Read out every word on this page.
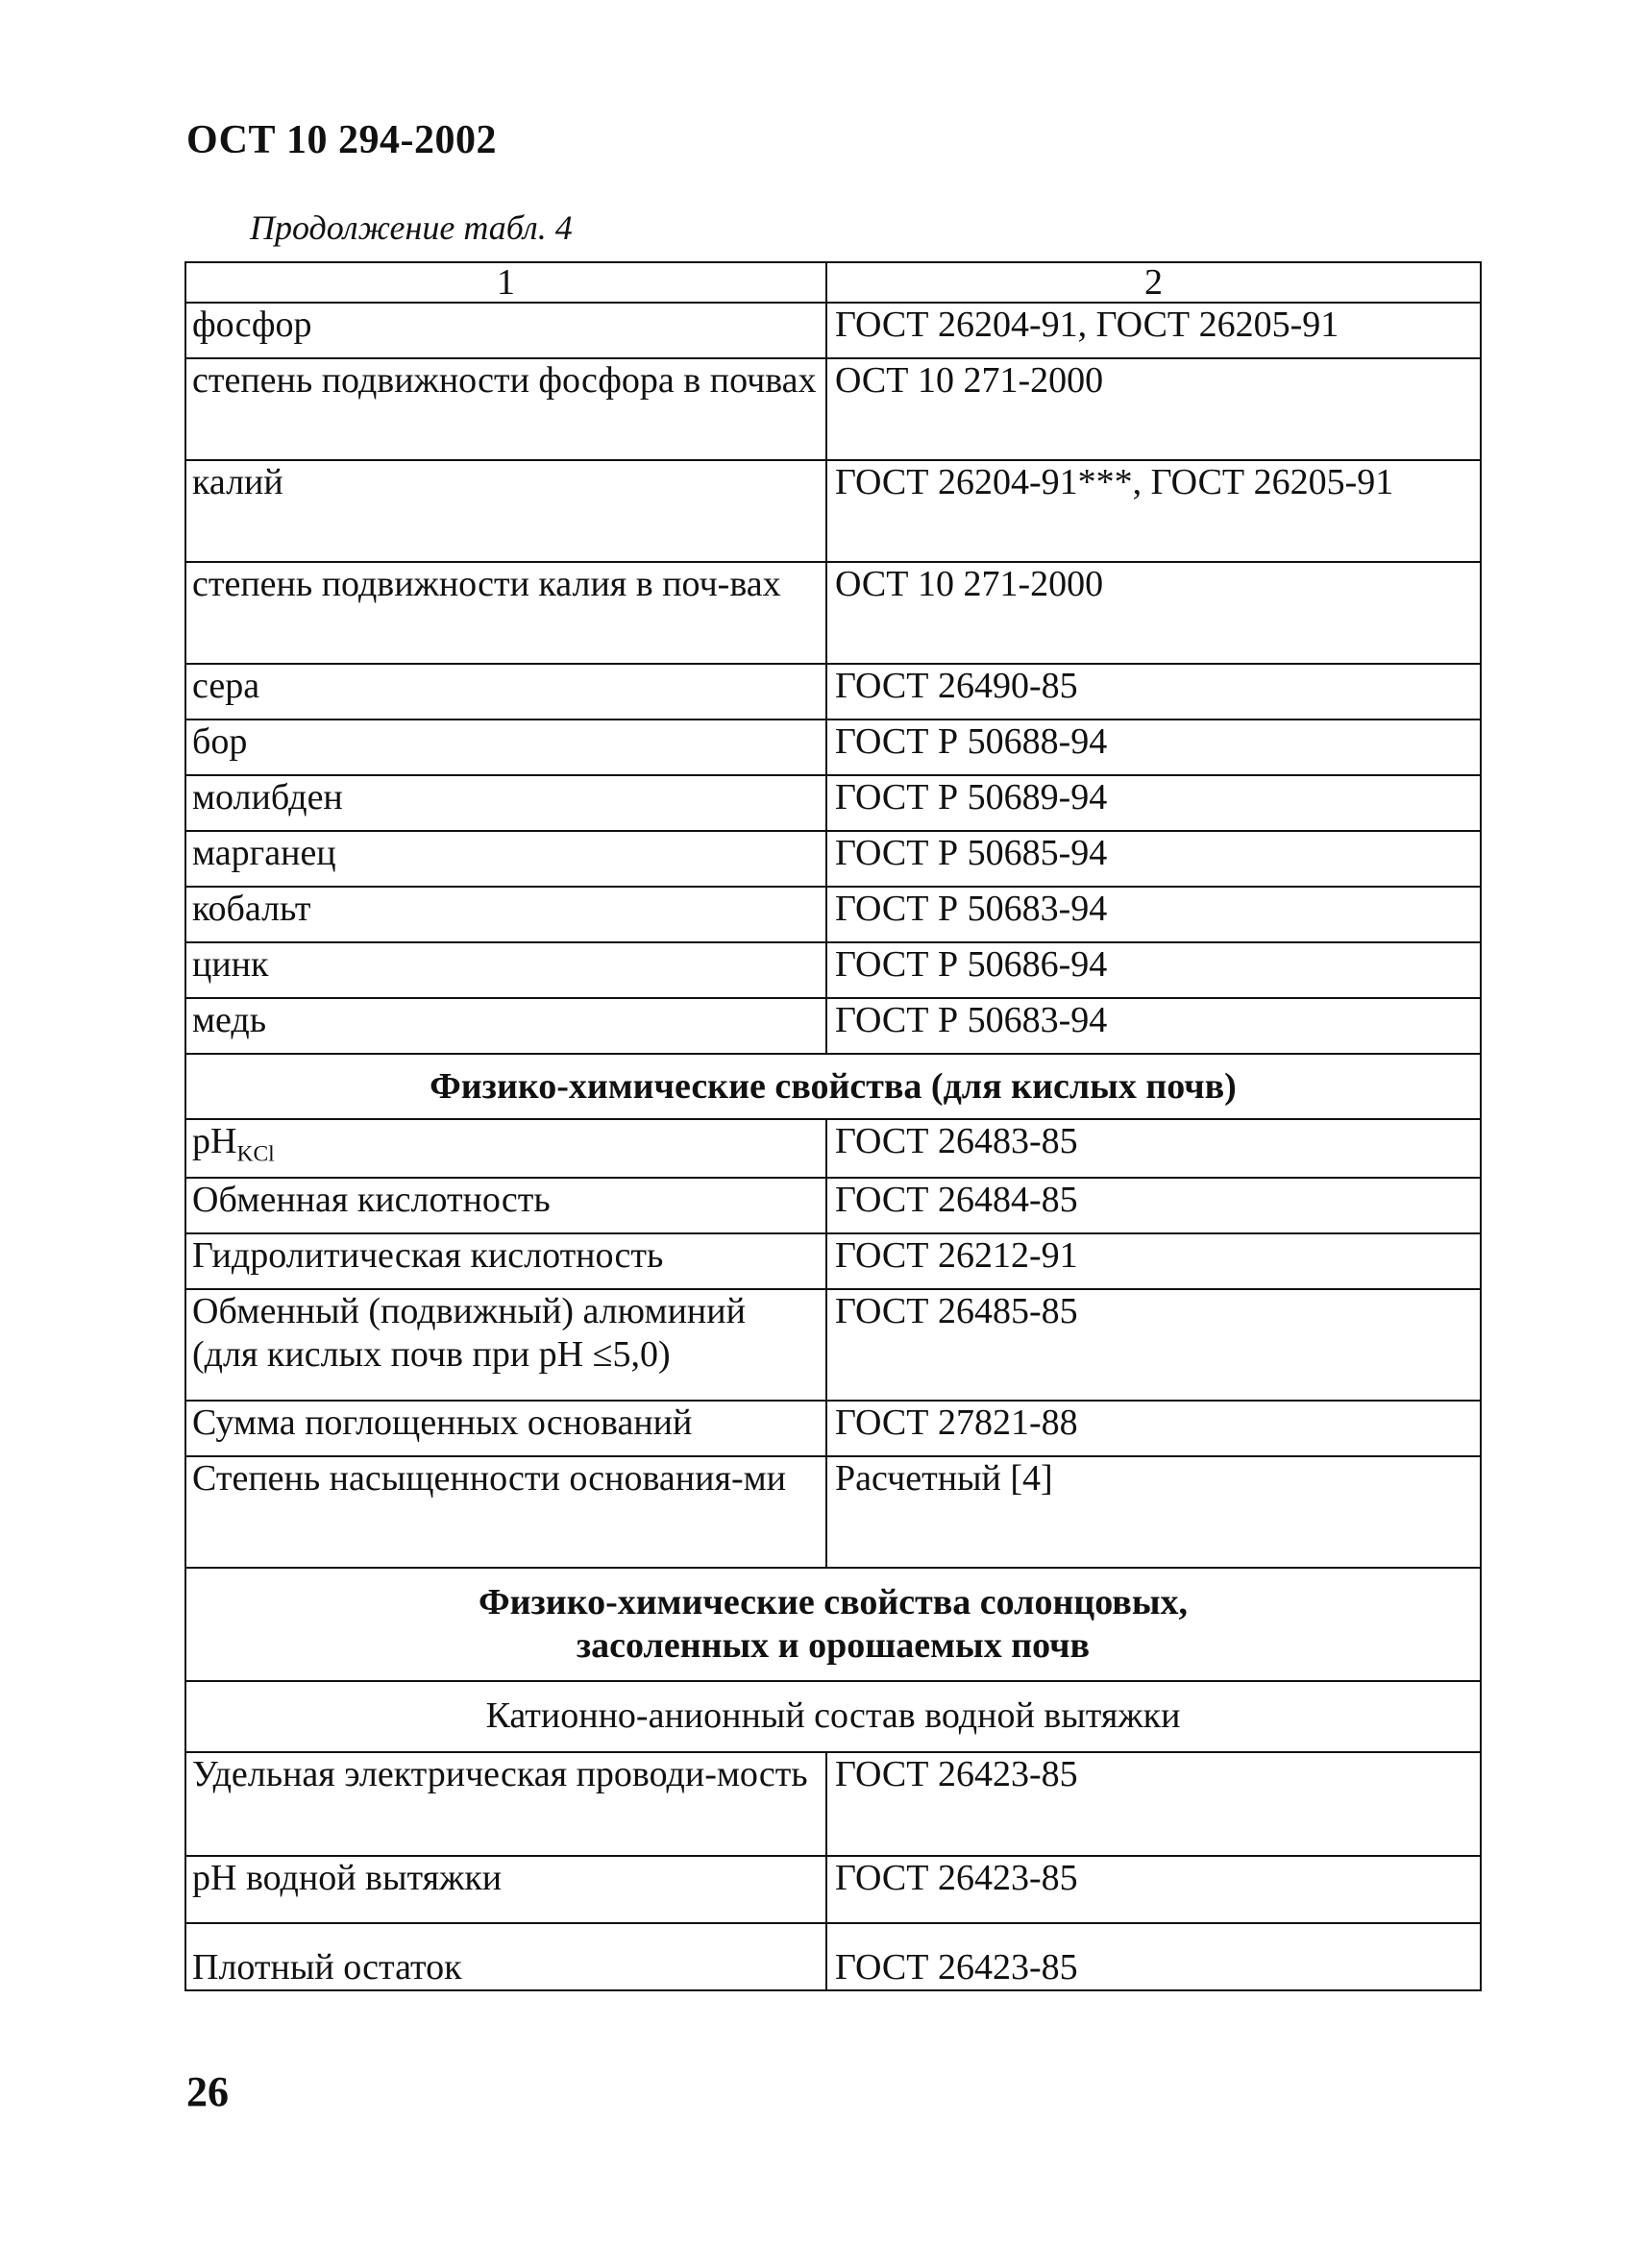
ОСТ 10 294-2002
Продолжение табл. 4
1	2
фосфор	ГОСТ 26204-91, ГОСТ 26205-91
степень подвижности фосфора в почвах	ОСТ 10 271-2000
калий	ГОСТ 26204-91***, ГОСТ 26205-91
степень подвижности калия в поч-вах	ОСТ 10 271-2000
сера	ГОСТ 26490-85
бор	ГОСТ Р 50688-94
молибден	ГОСТ Р 50689-94
марганец	ГОСТ Р 50685-94
кобальт	ГОСТ Р 50683-94
цинк	ГОСТ Р 50686-94
медь	ГОСТ Р 50683-94
Физико-химические свойства (для кислых почв)	
$pH_{KCl}$	ГОСТ 26483-85
Обменная кислотность	ГОСТ 26484-85
Гидролитическая кислотность	ГОСТ 26212-91
Обменный (подвижный) алюминий (для кислых почв при рН ≤5,0)	ГОСТ 26485-85
Сумма поглощенных оснований	ГОСТ 27821-88
Степень насыщенности основания-ми	Расчетный [4]
Физико-химические свойства солонцовых,
засоленных и орошаемых почв	
Катионно-анионный состав водной вытяжки	
Удельная электрическая проводи-мость	ГОСТ 26423-85
рН водной вытяжки	ГОСТ 26423-85
Плотный остаток	ГОСТ 26423-85
26
